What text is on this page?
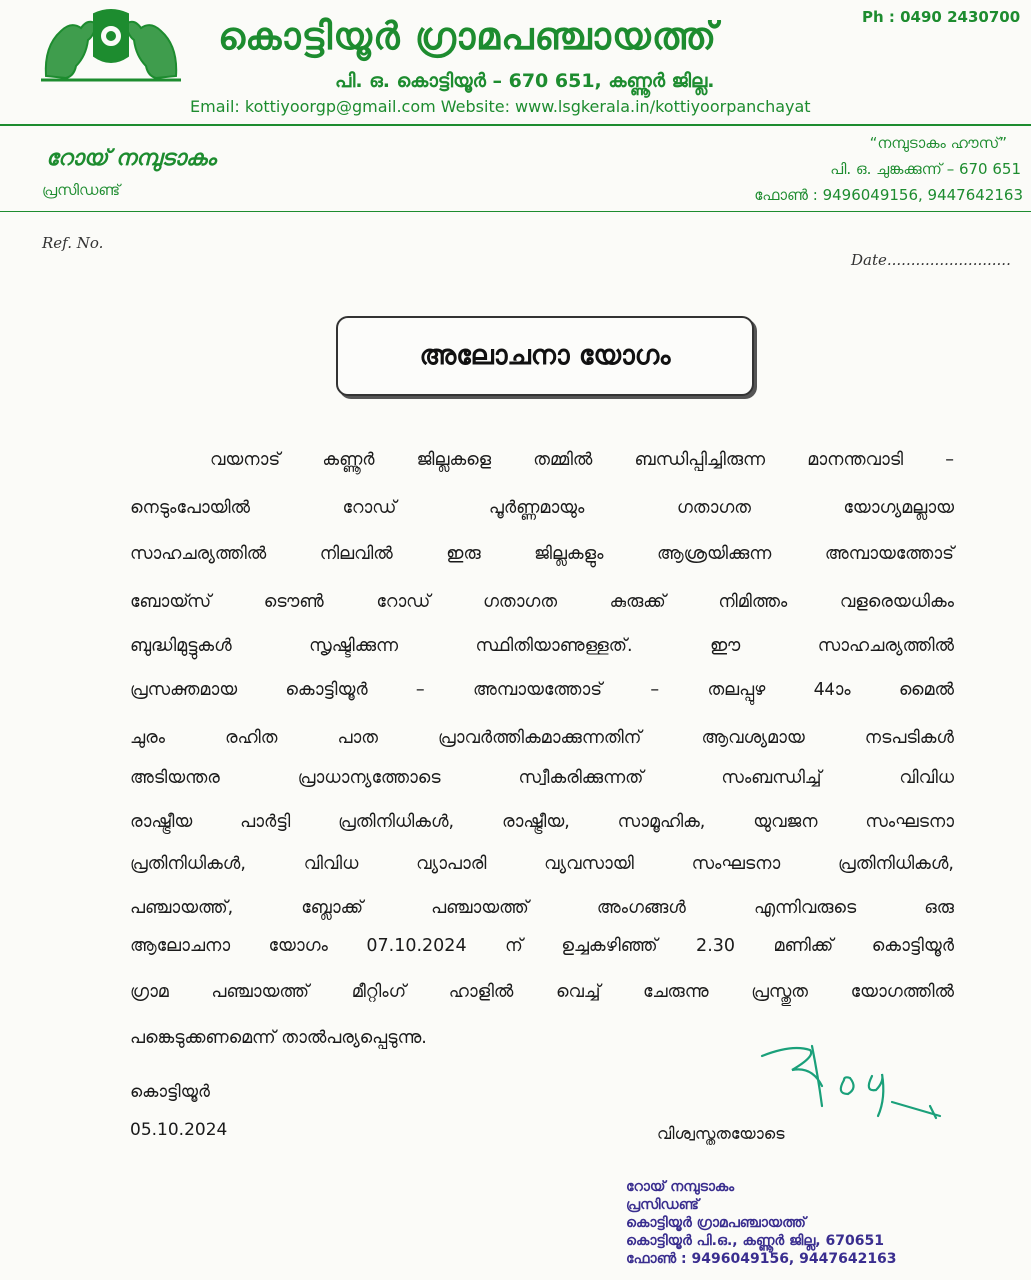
Ph : 0490 2430700
കൊട്ടിയൂർ ഗ്രാമപഞ്ചായത്ത്
പി. ഒ. കൊട്ടിയൂർ – 670 651, കണ്ണൂർ ജില്ല.
Email: kottiyoorgp@gmail.com Website: www.lsgkerala.in/kottiyoorpanchayat
റോയ് നമ്പുടാകം
പ്രസിഡണ്ട്
“നമ്പുടാകം ഹൗസ്”
പി. ഒ. ചുങ്കക്കുന്ന് – 670 651
ഫോൺ : 9496049156, 9447642163
Ref. No.
Date..........................
അലോചനാ യോഗം
വയനാട് കണ്ണൂർ ജില്ലകളെ തമ്മിൽ ബന്ധിപ്പിച്ചിരുന്ന മാനന്തവാടി –
നെടുംപോയിൽ റോഡ് പൂർണ്ണമായും ഗതാഗത യോഗ്യമല്ലായ
സാഹചര്യത്തിൽ നിലവിൽ ഇരു ജില്ലകളും ആശ്രയിക്കുന്ന അമ്പായത്തോട്
ബോയ്സ് ടൌൺ റോഡ് ഗതാഗത കുരുക്ക് നിമിത്തം വളരെയധികം
ബുദ്ധിമുട്ടുകൾ സൃഷ്ടിക്കുന്ന സ്ഥിതിയാണുള്ളത്. ഈ സാഹചര്യത്തിൽ
പ്രസക്തമായ കൊട്ടിയൂർ – അമ്പായത്തോട് – തലപ്പുഴ 44ാം മൈൽ
ചുരം രഹിത പാത പ്രാവർത്തികമാക്കുന്നതിന് ആവശ്യമായ നടപടികൾ
അടിയന്തര പ്രാധാന്യത്തോടെ സ്വീകരിക്കുന്നത് സംബന്ധിച്ച് വിവിധ
രാഷ്ട്രീയ പാർട്ടി പ്രതിനിധികൾ, രാഷ്ട്രീയ, സാമൂഹിക, യുവജന സംഘടനാ
പ്രതിനിധികൾ, വിവിധ വ്യാപാരി വ്യവസായി സംഘടനാ പ്രതിനിധികൾ,
പഞ്ചായത്ത്, ബ്ലോക്ക് പഞ്ചായത്ത് അംഗങ്ങൾ എന്നിവരുടെ ഒരു
ആലോചനാ യോഗം 07.10.2024 ന് ഉച്ചകഴിഞ്ഞ് 2.30 മണിക്ക് കൊട്ടിയൂർ
ഗ്രാമ പഞ്ചായത്ത് മീറ്റിംഗ് ഹാളിൽ വെച്ച് ചേരുന്നു പ്രസ്തുത യോഗത്തിൽ
പങ്കെടുക്കണമെന്ന് താൽപര്യപ്പെടുന്നു.
കൊട്ടിയൂർ
05.10.2024	വിശ്വസ്തതയോടെ
റോയ് നമ്പുടാകം
പ്രസിഡണ്ട്
കൊട്ടിയൂർ ഗ്രാമപഞ്ചായത്ത്
കൊട്ടിയൂർ പി.ഒ., കണ്ണൂർ ജില്ല, 670651
ഫോൺ : 9496049156, 9447642163
